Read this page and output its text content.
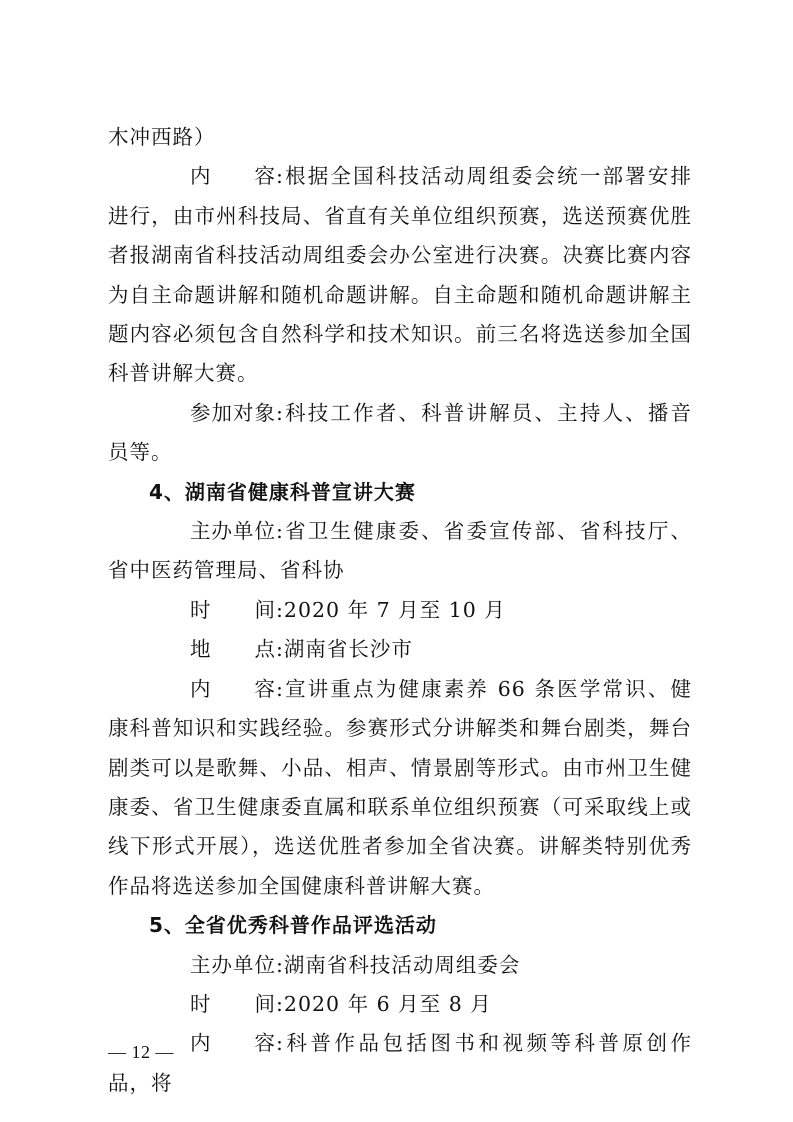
木冲西路）

内　　容:根据全国科技活动周组委会统一部署安排进行，由市州科技局、省直有关单位组织预赛，选送预赛优胜者报湖南省科技活动周组委会办公室进行决赛。决赛比赛内容为自主命题讲解和随机命题讲解。自主命题和随机命题讲解主题内容必须包含自然科学和技术知识。前三名将选送参加全国科普讲解大赛。

参加对象:科技工作者、科普讲解员、主持人、播音员等。

4、湖南省健康科普宣讲大赛

主办单位:省卫生健康委、省委宣传部、省科技厅、省中医药管理局、省科协

时　　间:2020 年 7 月至 10 月

地　　点:湖南省长沙市

内　　容:宣讲重点为健康素养 66 条医学常识、健康科普知识和实践经验。参赛形式分讲解类和舞台剧类，舞台剧类可以是歌舞、小品、相声、情景剧等形式。由市州卫生健康委、省卫生健康委直属和联系单位组织预赛（可采取线上或线下形式开展），选送优胜者参加全省决赛。讲解类特别优秀作品将选送参加全国健康科普讲解大赛。

5、全省优秀科普作品评选活动

主办单位:湖南省科技活动周组委会

时　　间:2020 年 6 月至 8 月

内　　容:科普作品包括图书和视频等科普原创作品，将

— 12 —
